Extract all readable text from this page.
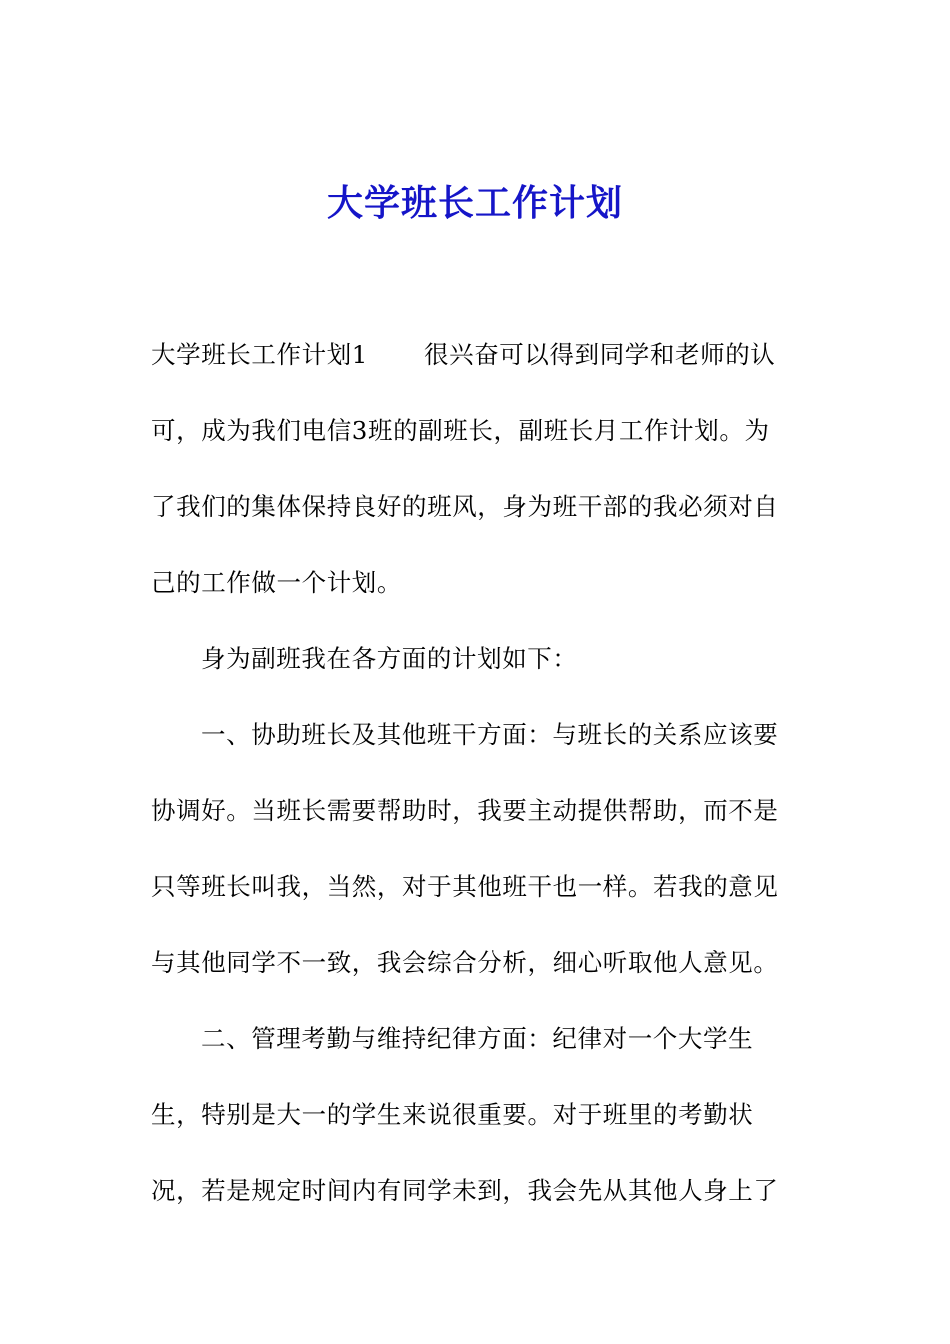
大学班长工作计划
大学班长工作计划1 很兴奋可以得到同学和老师的认
可，成为我们电信3班的副班长，副班长月工作计划。为
了我们的集体保持良好的班风，身为班干部的我必须对自
己的工作做一个计划。
身为副班我在各方面的计划如下：
一、协助班长及其他班干方面：与班长的关系应该要
协调好。当班长需要帮助时，我要主动提供帮助，而不是
只等班长叫我，当然，对于其他班干也一样。若我的意见
与其他同学不一致，我会综合分析，细心听取他人意见。
二、管理考勤与维持纪律方面：纪律对一个大学生
生，特别是大一的学生来说很重要。对于班里的考勤状
况，若是规定时间内有同学未到，我会先从其他人身上了
